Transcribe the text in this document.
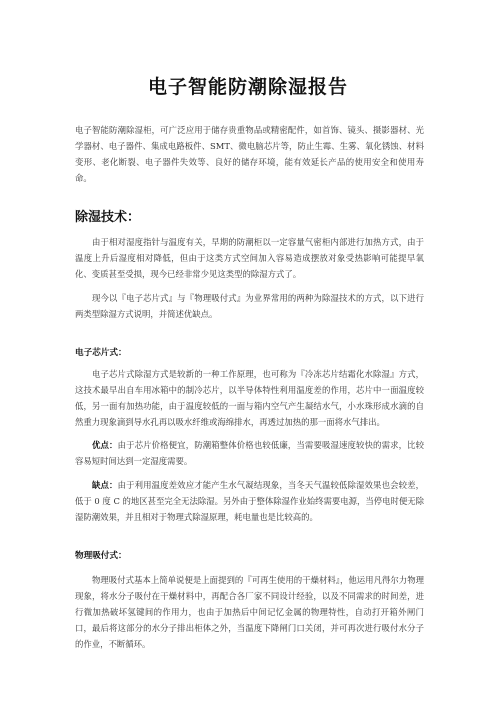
电子智能防潮除湿报告

电子智能防潮除湿柜，可广泛应用于储存贵重物品或精密配件，如首饰、镜头、摄影器材、光学器材、电子器件、集成电路板件、SMT、微电脑芯片等，防止生霉、生雾、氧化锈蚀、材料变形、老化断裂、电子器件失效等、良好的储存环境，能有效延长产品的使用安全和使用寿命。

除湿技术：

由于相对湿度指针与温度有关，早期的防潮柜以一定容量气密柜内部进行加热方式，由于温度上升后湿度相对降低，但由于这类方式空间加入容易造成摆放对象受热影响可能提早氧化、变质甚至受损，现今已经非常少见这类型的除湿方式了。

现今以『电子芯片式』与『物理吸付式』为业界常用的两种为除湿技术的方式，以下进行两类型除湿方式说明，并简述优缺点。

电子芯片式：

电子芯片式除湿方式是较新的一种工作原理，也可称为『冷冻芯片结霜化水除湿』方式，这技术最早出自车用冰箱中的制冷芯片，以半导体特性利用温度差的作用，芯片中一面温度较低，另一面有加热功能，由于温度较低的一面与箱内空气产生凝结水气，小水珠形成水滴的自然重力现象滴到导水孔再以吸水纤维或海绵排水，再透过加热的那一面将水气排出。

优点：由于芯片价格便宜，防潮箱整体价格也较低廉，当需要吸湿速度较快的需求，比较容易短时间达到一定湿度需要。

缺点：由于利用温度差效应才能产生水气凝结现象，当冬天气温较低除湿效果也会较差，低于 0 度 C 的地区甚至完全无法除湿。另外由于整体除湿作业始终需要电源，当停电时便无除湿防潮效果，并且相对于物理式除湿原理，耗电量也是比较高的。

物理吸付式：

物理吸付式基本上简单说便是上面提到的『可再生使用的干燥材料』，他运用凡得尔力物理现象，将水分子吸付在干燥材料中，再配合各厂家不同设计经验，以及不同需求的时间差，进行微加热破坏氢键间的作用力，也由于加热后中间记忆金属的物理特性，自动打开箱外闸门口，最后将这部分的水分子排出柜体之外，当温度下降闸门口关闭，并可再次进行吸付水分子的作业，不断循环。
